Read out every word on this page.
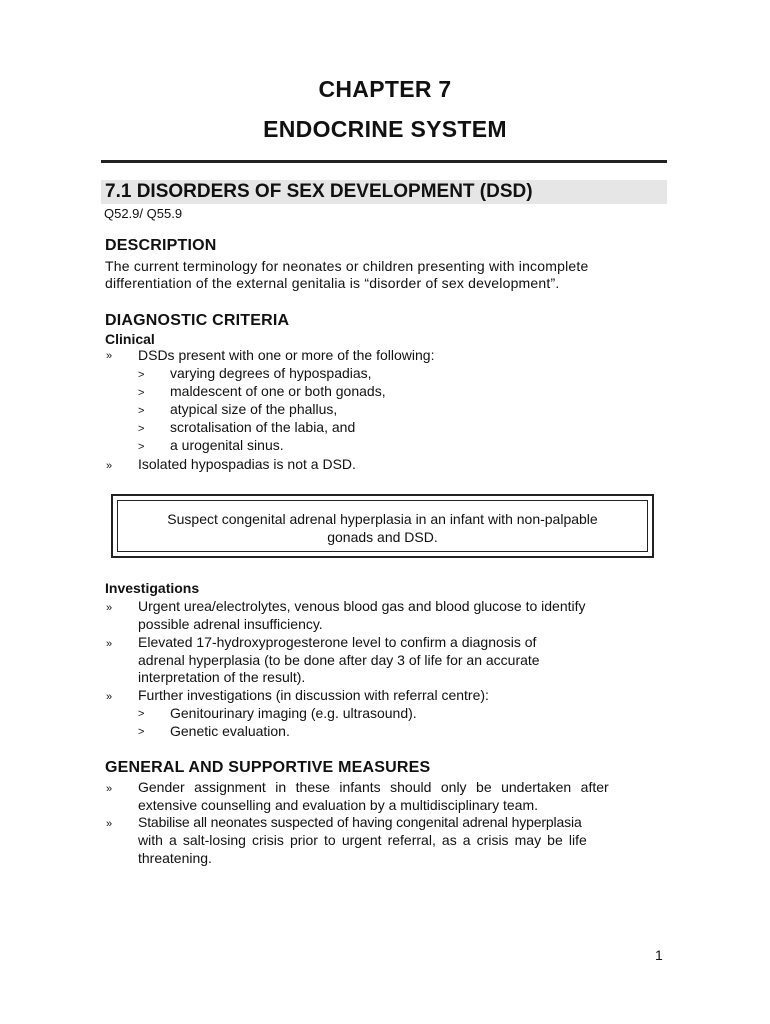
CHAPTER 7
ENDOCRINE SYSTEM
7.1 DISORDERS OF SEX DEVELOPMENT (DSD)
Q52.9/ Q55.9
DESCRIPTION
The current terminology for neonates or children presenting with incomplete
differentiation of the external genitalia is “disorder of sex development”.
DIAGNOSTIC CRITERIA
Clinical
» DSDs present with one or more of the following:
> varying degrees of hypospadias,
> maldescent of one or both gonads,
> atypical size of the phallus,
> scrotalisation of the labia, and
> a urogenital sinus.
» Isolated hypospadias is not a DSD.
Suspect congenital adrenal hyperplasia in an infant with non-palpable
gonads and DSD.
Investigations
» Urgent urea/electrolytes, venous blood gas and blood glucose to identify
possible adrenal insufficiency.
» Elevated 17-hydroxyprogesterone level to confirm a diagnosis of
adrenal hyperplasia (to be done after day 3 of life for an accurate
interpretation of the result).
» Further investigations (in discussion with referral centre):
> Genitourinary imaging (e.g. ultrasound).
> Genetic evaluation.
GENERAL AND SUPPORTIVE MEASURES
» Gender assignment in these infants should only be undertaken after
extensive counselling and evaluation by a multidisciplinary team.
» Stabilise all neonates suspected of having congenital adrenal hyperplasia
with a salt-losing crisis prior to urgent referral, as a crisis may be life
threatening.
1
